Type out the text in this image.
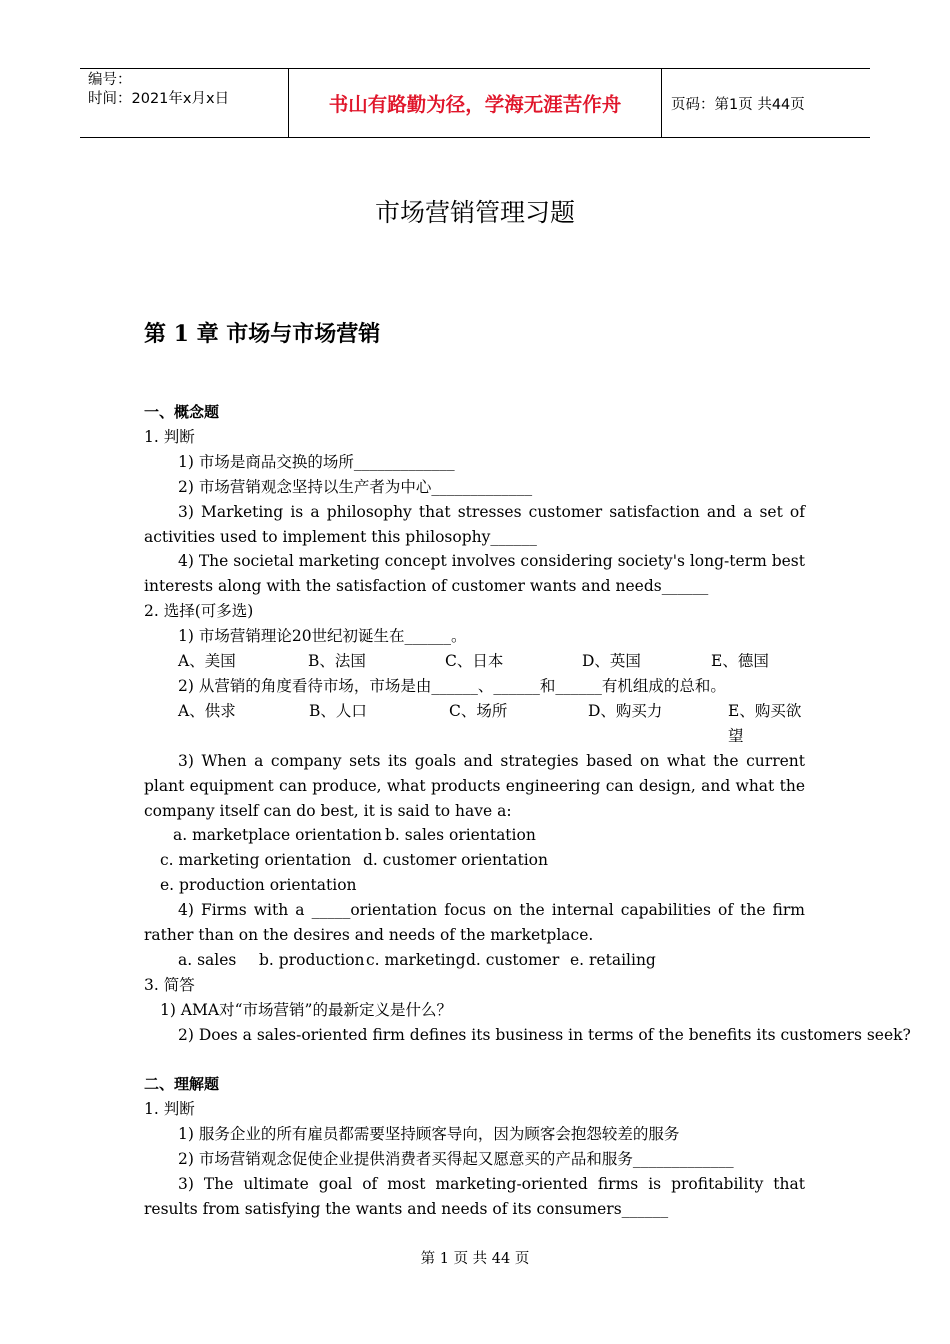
编号：
时间：2021年x月x日	书山有路勤为径，学海无涯苦作舟	页码：第1页 共44页
市场营销管理习题
第 1 章 市场与市场营销
一、概念题
1. 判断
1) 市场是商品交换的场所_____________
2) 市场营销观念坚持以生产者为中心_____________
3) Marketing is a philosophy that stresses customer satisfaction and a set of activities used to implement this philosophy______
4) The societal marketing concept involves considering society's long-term best interests along with the satisfaction of customer wants and needs______
2. 选择(可多选)
1) 市场营销理论20世纪初诞生在______。
A、美国	B、法国	C、日本	D、英国	E、德国
2) 从营销的角度看待市场，市场是由______、______和______有机组成的总和。
A、供求	B、人口	C、场所	D、购买力	E、购买欲望
3) When a company sets its goals and strategies based on what the current plant equipment can produce, what products engineering can design, and what the company itself can do best, it is said to have a:
a. marketplace orientation b. sales orientation
c. marketing orientation d. customer orientation
e. production orientation
4) Firms with a _____orientation focus on the internal capabilities of the firm rather than on the desires and needs of the marketplace.
a. sales	b. production c. marketing d. customer e. retailing
3. 简答
1) AMA对“市场营销”的最新定义是什么？
2) Does a sales-oriented firm defines its business in terms of the benefits its customers seek?
二、理解题
1. 判断
1) 服务企业的所有雇员都需要坚持顾客导向，因为顾客会抱怨较差的服务
2) 市场营销观念促使企业提供消费者买得起又愿意买的产品和服务_____________
3) The ultimate goal of most marketing-oriented firms is profitability that results from satisfying the wants and needs of its consumers______
第 1 页 共 44 页
